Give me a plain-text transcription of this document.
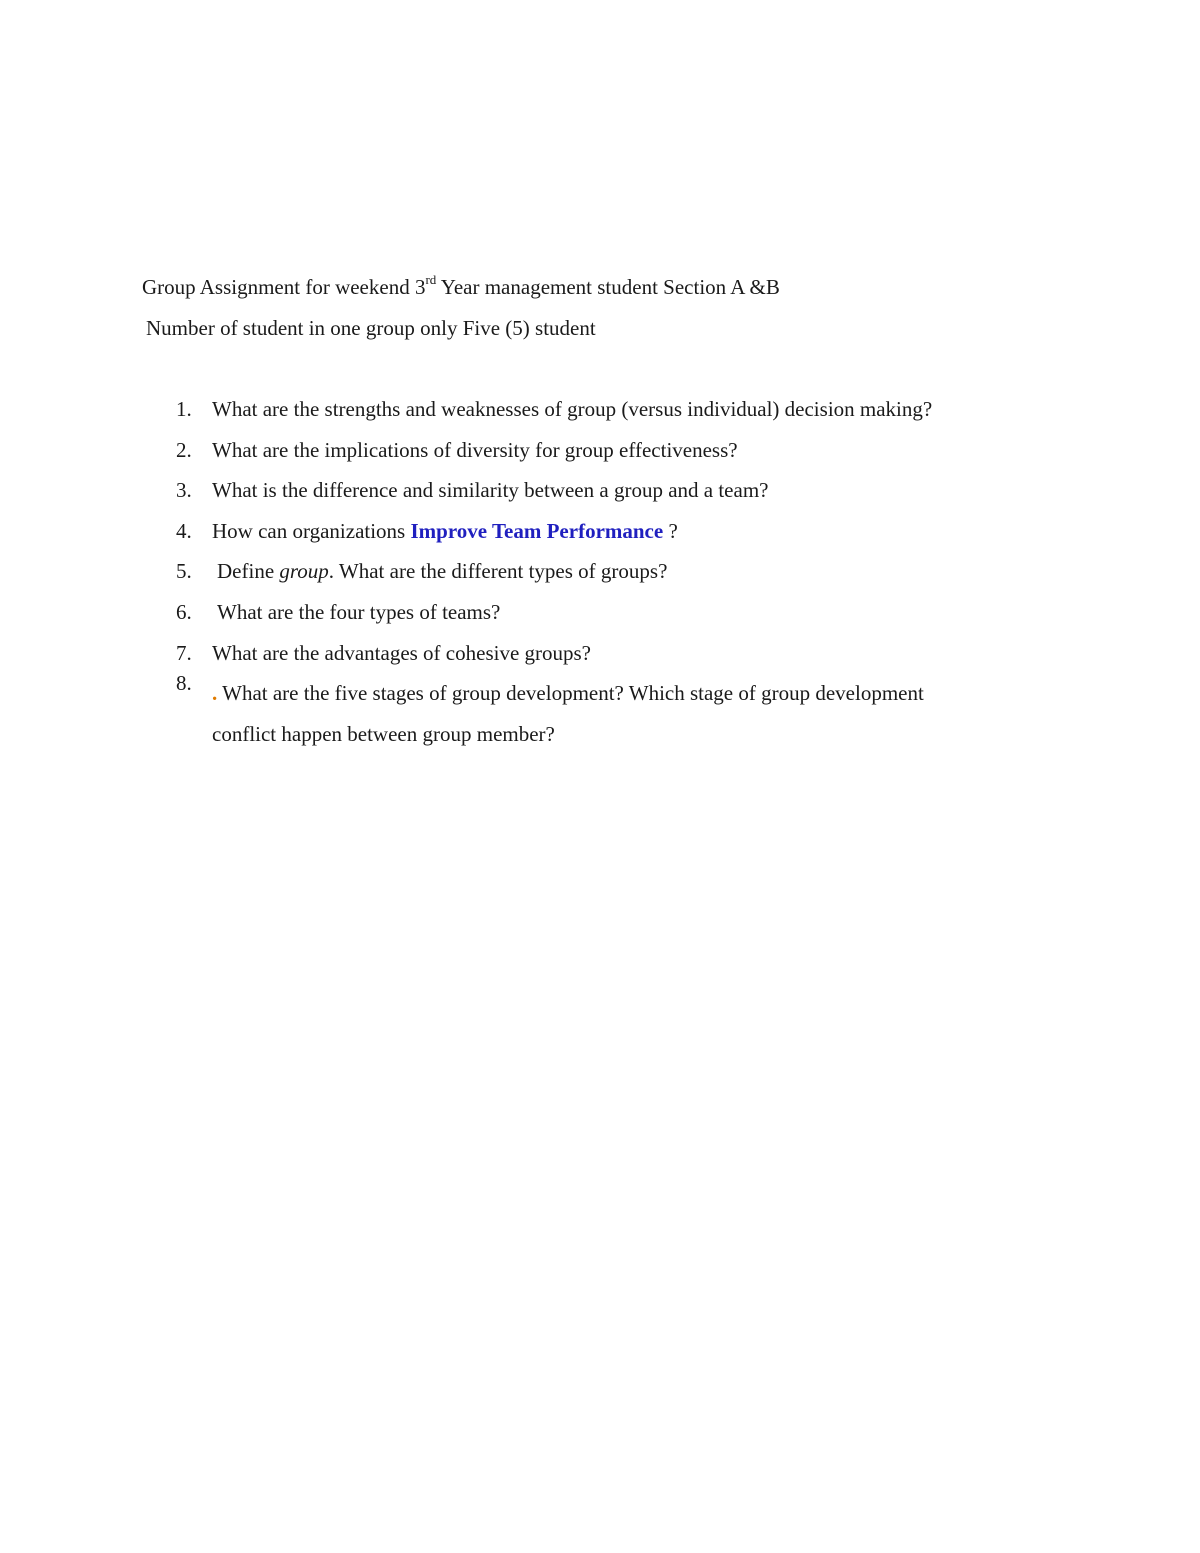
Group Assignment for weekend 3rd Year management student Section A &B
Number of student in one group only Five (5) student
1. What are the strengths and weaknesses of group (versus individual) decision making?
2. What are the implications of diversity for group effectiveness?
3. What is the difference and similarity between a group and a team?
4. How can organizations Improve Team Performance ?
5. Define group. What are the different types of groups?
6. What are the four types of teams?
7. What are the advantages of cohesive groups?
8. . What are the five stages of group development? Which stage of group development
conflict happen between group member?
